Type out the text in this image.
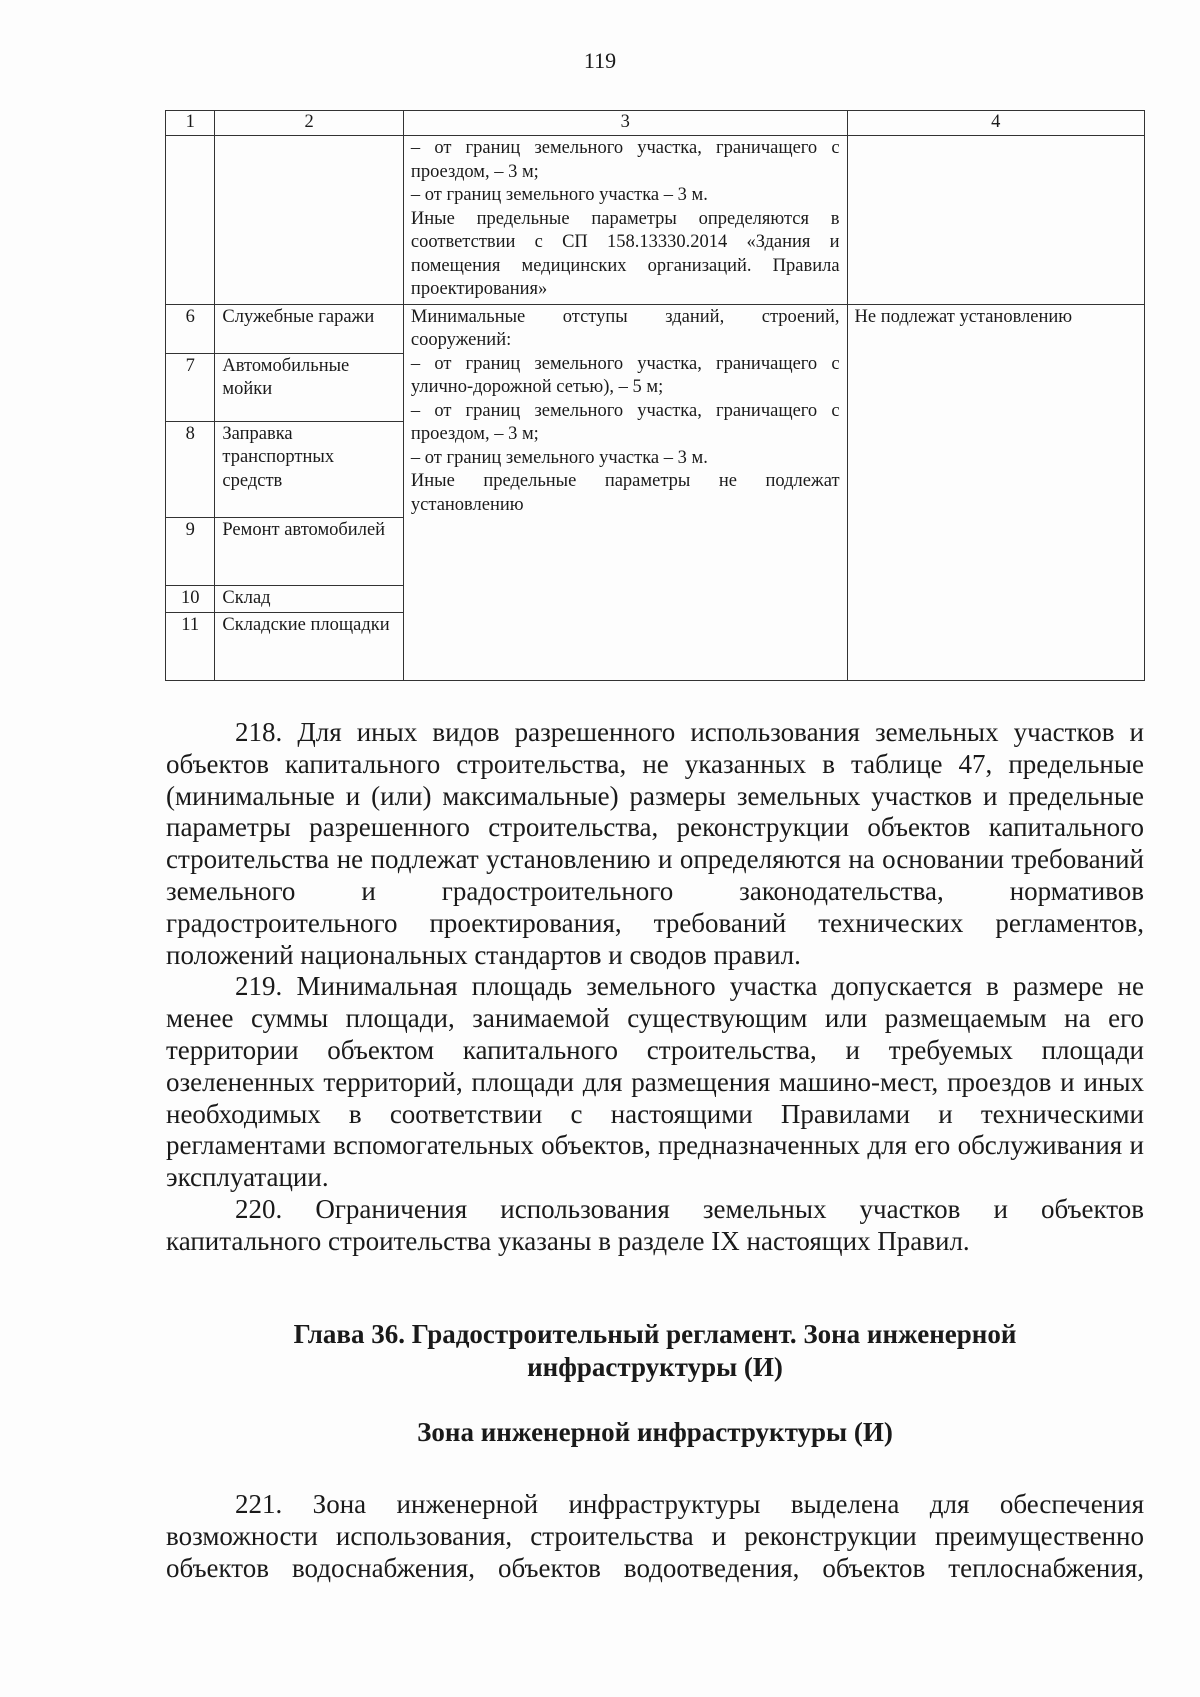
119
1	2	3	4

		– от границ земельного участка, граничащего с проездом, – 3 м;
– от границ земельного участка – 3 м.
Иные предельные параметры определяются в соответствии с СП 158.13330.2014 «Здания и помещения медицинских организаций. Правила проектирования»	

6	Служебные гаражи	Минимальные отступы зданий, строений, сооружений:
– от границ земельного участка, граничащего с улично-дорожной сетью), – 5 м;
– от границ земельного участка, граничащего с проездом, – 3 м;
– от границ земельного участка – 3 м.
Иные предельные параметры не подлежат установлению	Не подлежат установлению
7	Автомобильные мойки		
8	Заправка транспортных средств		
9	Ремонт автомобилей		
10	Склад		
11	Складские площадки		

218. Для иных видов разрешенного использования земельных участков и объектов капитального строительства, не указанных в таблице 47, предельные (минимальные и (или) максимальные) размеры земельных участков и предельные параметры разрешенного строительства, реконструкции объектов капитального строительства не подлежат установлению и определяются на основании требований земельного и градостроительного законодательства, нормативов градостроительного проектирования, требований технических регламентов, положений национальных стандартов и сводов правил.

219. Минимальная площадь земельного участка допускается в размере не менее суммы площади, занимаемой существующим или размещаемым на его территории объектом капитального строительства, и требуемых площади озелененных территорий, площади для размещения машино-мест, проездов и иных необходимых в соответствии с настоящими Правилами и техническими регламентами вспомогательных объектов, предназначенных для его обслуживания и эксплуатации.

220. Ограничения использования земельных участков и объектов капитального строительства указаны в разделе IX настоящих Правил.

Глава 36. Градостроительный регламент. Зона инженерной
инфраструктуры (И)
Зона инженерной инфраструктуры (И)

221. Зона инженерной инфраструктуры выделена для обеспечения возможности использования, строительства и реконструкции преимущественно объектов водоснабжения, объектов водоотведения, объектов теплоснабжения,
